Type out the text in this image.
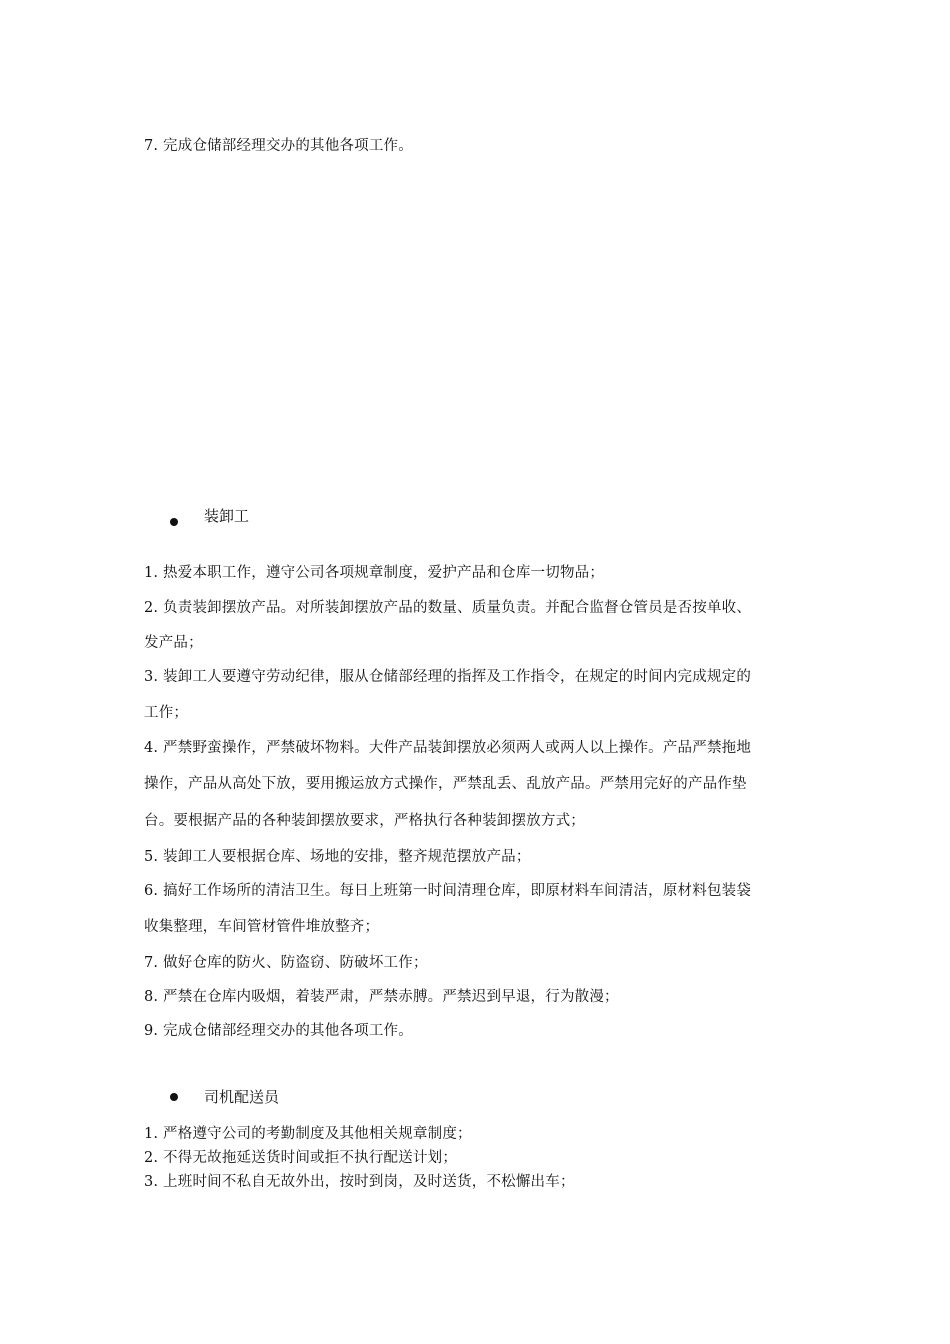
7. 完成仓储部经理交办的其他各项工作。
装卸工
1. 热爱本职工作，遵守公司各项规章制度，爱护产品和仓库一切物品；
2. 负责装卸摆放产品。对所装卸摆放产品的数量、质量负责。并配合监督仓管员是否按单收、
发产品；
3. 装卸工人要遵守劳动纪律，服从仓储部经理的指挥及工作指令，在规定的时间内完成规定的
工作；
4. 严禁野蛮操作，严禁破坏物料。大件产品装卸摆放必须两人或两人以上操作。产品严禁拖地
操作，产品从高处下放，要用搬运放方式操作，严禁乱丢、乱放产品。严禁用完好的产品作垫
台。要根据产品的各种装卸摆放要求，严格执行各种装卸摆放方式；
5. 装卸工人要根据仓库、场地的安排，整齐规范摆放产品；
6. 搞好工作场所的清洁卫生。每日上班第一时间清理仓库，即原材料车间清洁，原材料包装袋
收集整理，车间管材管件堆放整齐；
7. 做好仓库的防火、防盗窃、防破坏工作；
8. 严禁在仓库内吸烟，着装严肃，严禁赤膊。严禁迟到早退，行为散漫；
9. 完成仓储部经理交办的其他各项工作。
司机配送员
1. 严格遵守公司的考勤制度及其他相关规章制度；
2. 不得无故拖延送货时间或拒不执行配送计划；
3. 上班时间不私自无故外出，按时到岗，及时送货，不松懈出车；
